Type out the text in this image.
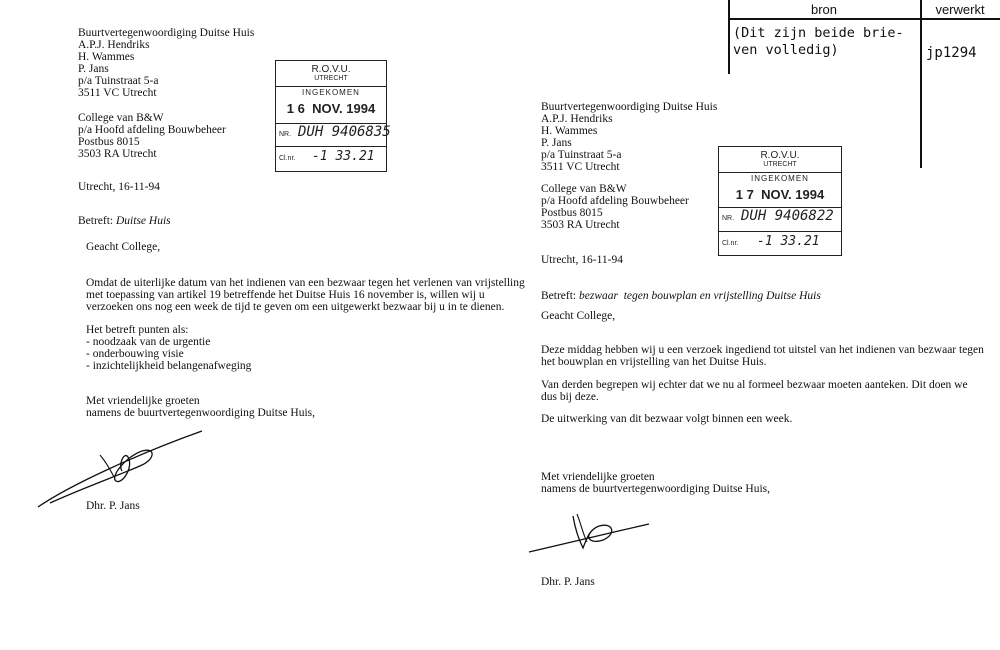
bron	verwerkt
(Dit zijn beide brie-
ven volledig)	jp1294
Buurtvertegenwoordiging Duitse Huis
A.P.J. Hendriks
H. Wammes
P. Jans
p/a Tuinstraat 5-a
3511 VC Utrecht
College van B&W
p/a Hoofd afdeling Bouwbeheer
Postbus 8015
3503 RA Utrecht
Utrecht, 16-11-94
Betreft: Duitse Huis
Geacht College,
Omdat de uiterlijke datum van het indienen van een bezwaar tegen het verlenen van vrijstelling
met toepassing van artikel 19 betreffende het Duitse Huis 16 november is, willen wij u
verzoeken ons nog een week de tijd te geven om een uitgewerkt bezwaar bij u in te dienen.
Het betreft punten als:
- noodzaak van de urgentie
- onderbouwing visie
- inzichtelijkheid belangenafweging
Met vriendelijke groeten
namens de buurtvertegenwoordiging Duitse Huis,
Dhr. P. Jans
R.O.V.U.
UTRECHT
INGEKOMEN
1 6  NOV. 1994
NR. DUH 9406835
Cl.nr. -1 33.21
Buurtvertegenwoordiging Duitse Huis
A.P.J. Hendriks
H. Wammes
P. Jans
p/a Tuinstraat 5-a
3511 VC Utrecht
College van B&W
p/a Hoofd afdeling Bouwbeheer
Postbus 8015
3503 RA Utrecht
Utrecht, 16-11-94
Betreft: bezwaar  tegen bouwplan en vrijstelling Duitse Huis
Geacht College,
Deze middag hebben wij u een verzoek ingediend tot uitstel van het indienen van bezwaar tegen
het bouwplan en vrijstelling van het Duitse Huis.
Van derden begrepen wij echter dat we nu al formeel bezwaar moeten aanteken. Dit doen we
dus bij deze.
De uitwerking van dit bezwaar volgt binnen een week.
Met vriendelijke groeten
namens de buurtvertegenwoordiging Duitse Huis,
Dhr. P. Jans
R.O.V.U.
UTRECHT
INGEKOMEN
1 7  NOV. 1994
NR. DUH 9406822
Cl.nr. -1 33.21
